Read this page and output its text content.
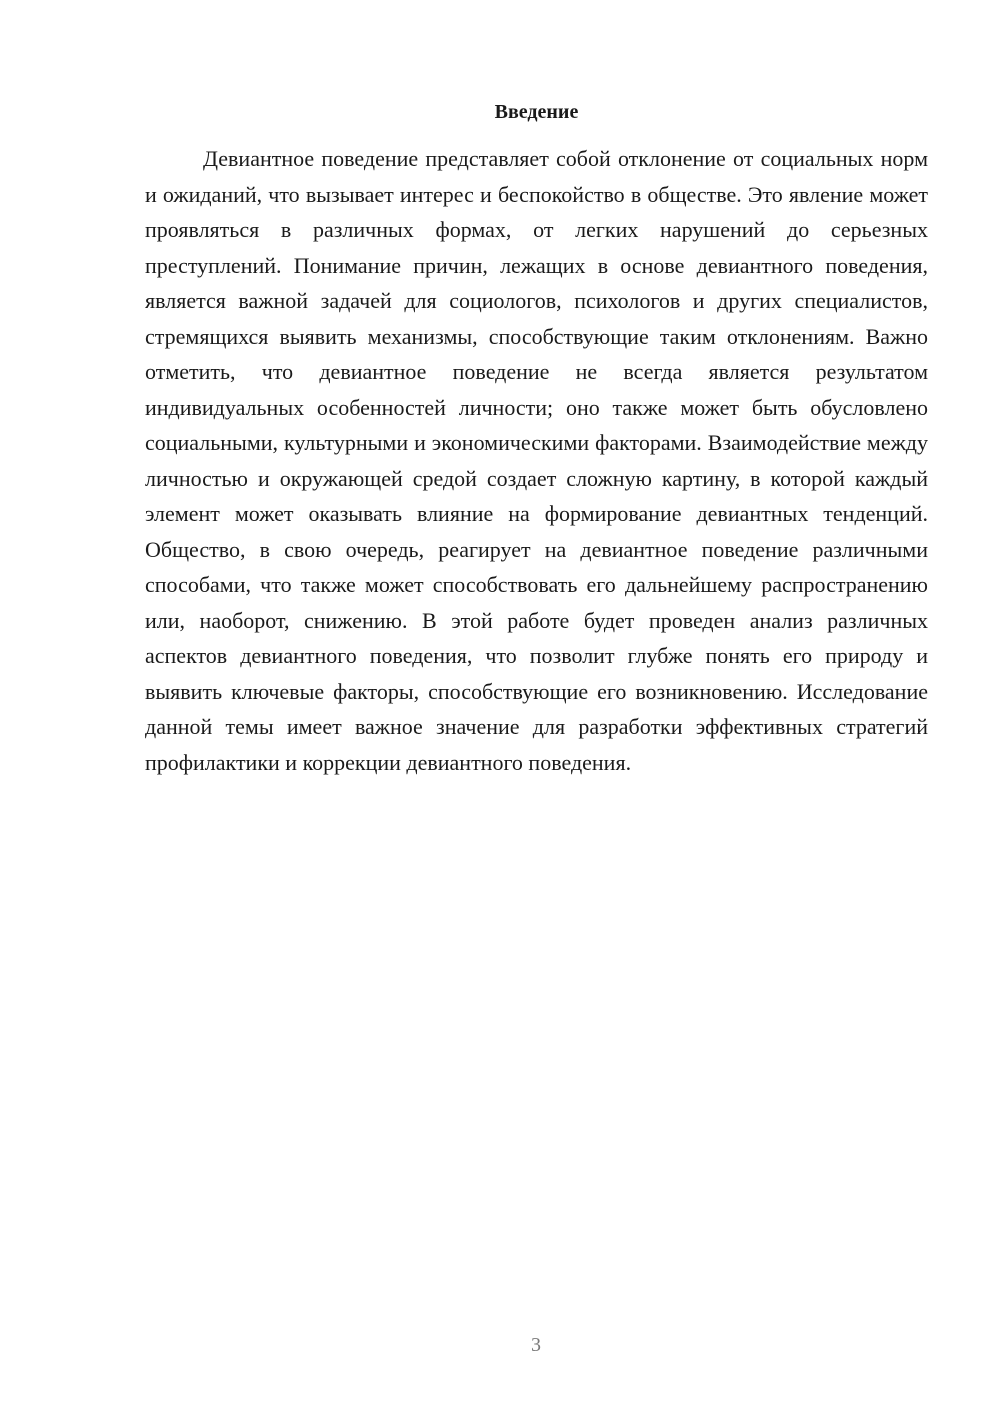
Введение

Девиантное поведение представляет собой отклонение от социальных норм и ожиданий, что вызывает интерес и беспокойство в обществе. Это явление может проявляться в различных формах, от легких нарушений до серьезных преступлений. Понимание причин, лежащих в основе девиантного поведения, является важной задачей для социологов, психологов и других специалистов, стремящихся выявить механизмы, способствующие таким отклонениям. Важно отметить, что девиантное поведение не всегда является результатом индивидуальных особенностей личности; оно также может быть обусловлено социальными, культурными и экономическими факторами. Взаимодействие между личностью и окружающей средой создает сложную картину, в которой каждый элемент может оказывать влияние на формирование девиантных тенденций. Общество, в свою очередь, реагирует на девиантное поведение различными способами, что также может способствовать его дальнейшему распространению или, наоборот, снижению. В этой работе будет проведен анализ различных аспектов девиантного поведения, что позволит глубже понять его природу и выявить ключевые факторы, способствующие его возникновению. Исследование данной темы имеет важное значение для разработки эффективных стратегий профилактики и коррекции девиантного поведения.

3
